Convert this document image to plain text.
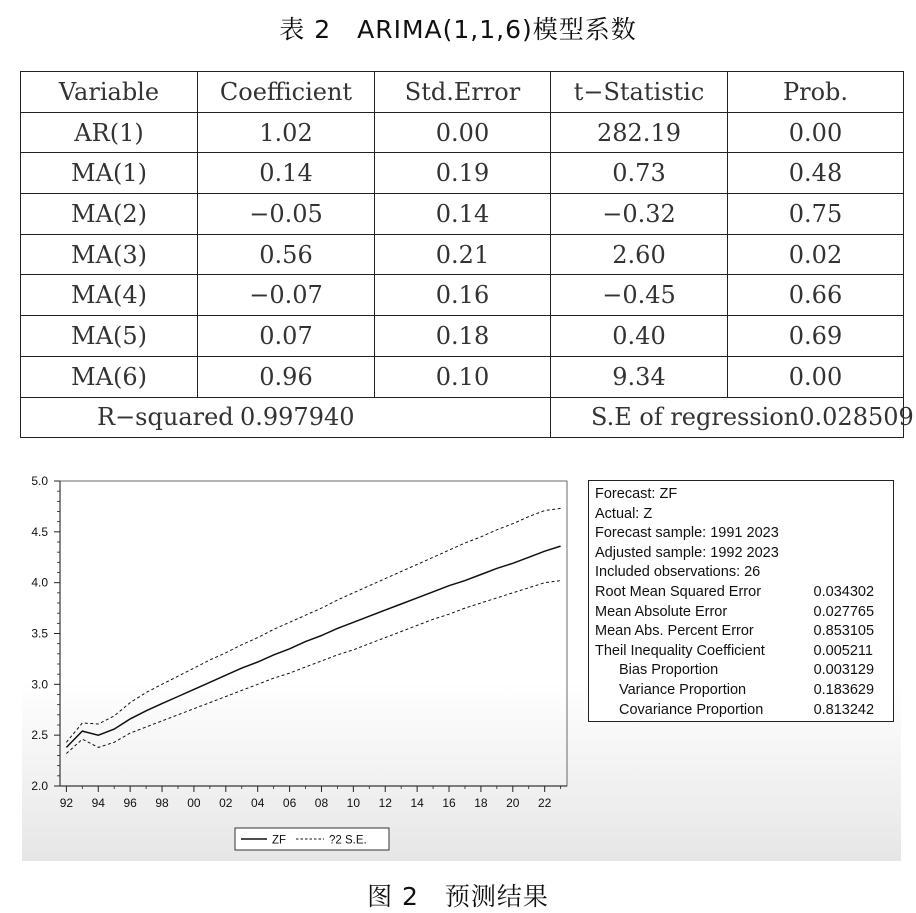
表 2　ARIMA(1,1,6)模型系数
Variable	Coefficient	Std.Error	t−Statistic	Prob.
AR(1)	1.02	0.00	282.19	0.00
MA(1)	0.14	0.19	0.73	0.48
MA(2)	−0.05	0.14	−0.32	0.75
MA(3)	0.56	0.21	2.60	0.02
MA(4)	−0.07	0.16	−0.45	0.66
MA(5)	0.07	0.18	0.40	0.69
MA(6)	0.96	0.10	9.34	0.00

R−squared 0.997940			S.E of regression 0.028509	
5.0
4.5
4.0
3.5
3.0
2.5
2.0
92 94 96 98 00 02 04 06 08 10 12 14 16 18 20 22
ZF	?2 S.E.
Forecast: ZF
Actual: Z
Forecast sample: 1991 2023
Adjusted sample: 1992 2023
Included observations: 26
Root Mean Squared Error	0.034302
Mean Absolute Error	0.027765
Mean Abs. Percent Error	0.853105
Theil Inequality Coefficient	0.005211
Bias Proportion	0.003129
Variance Proportion	0.183629
Covariance Proportion	0.813242
图 2　预测结果
